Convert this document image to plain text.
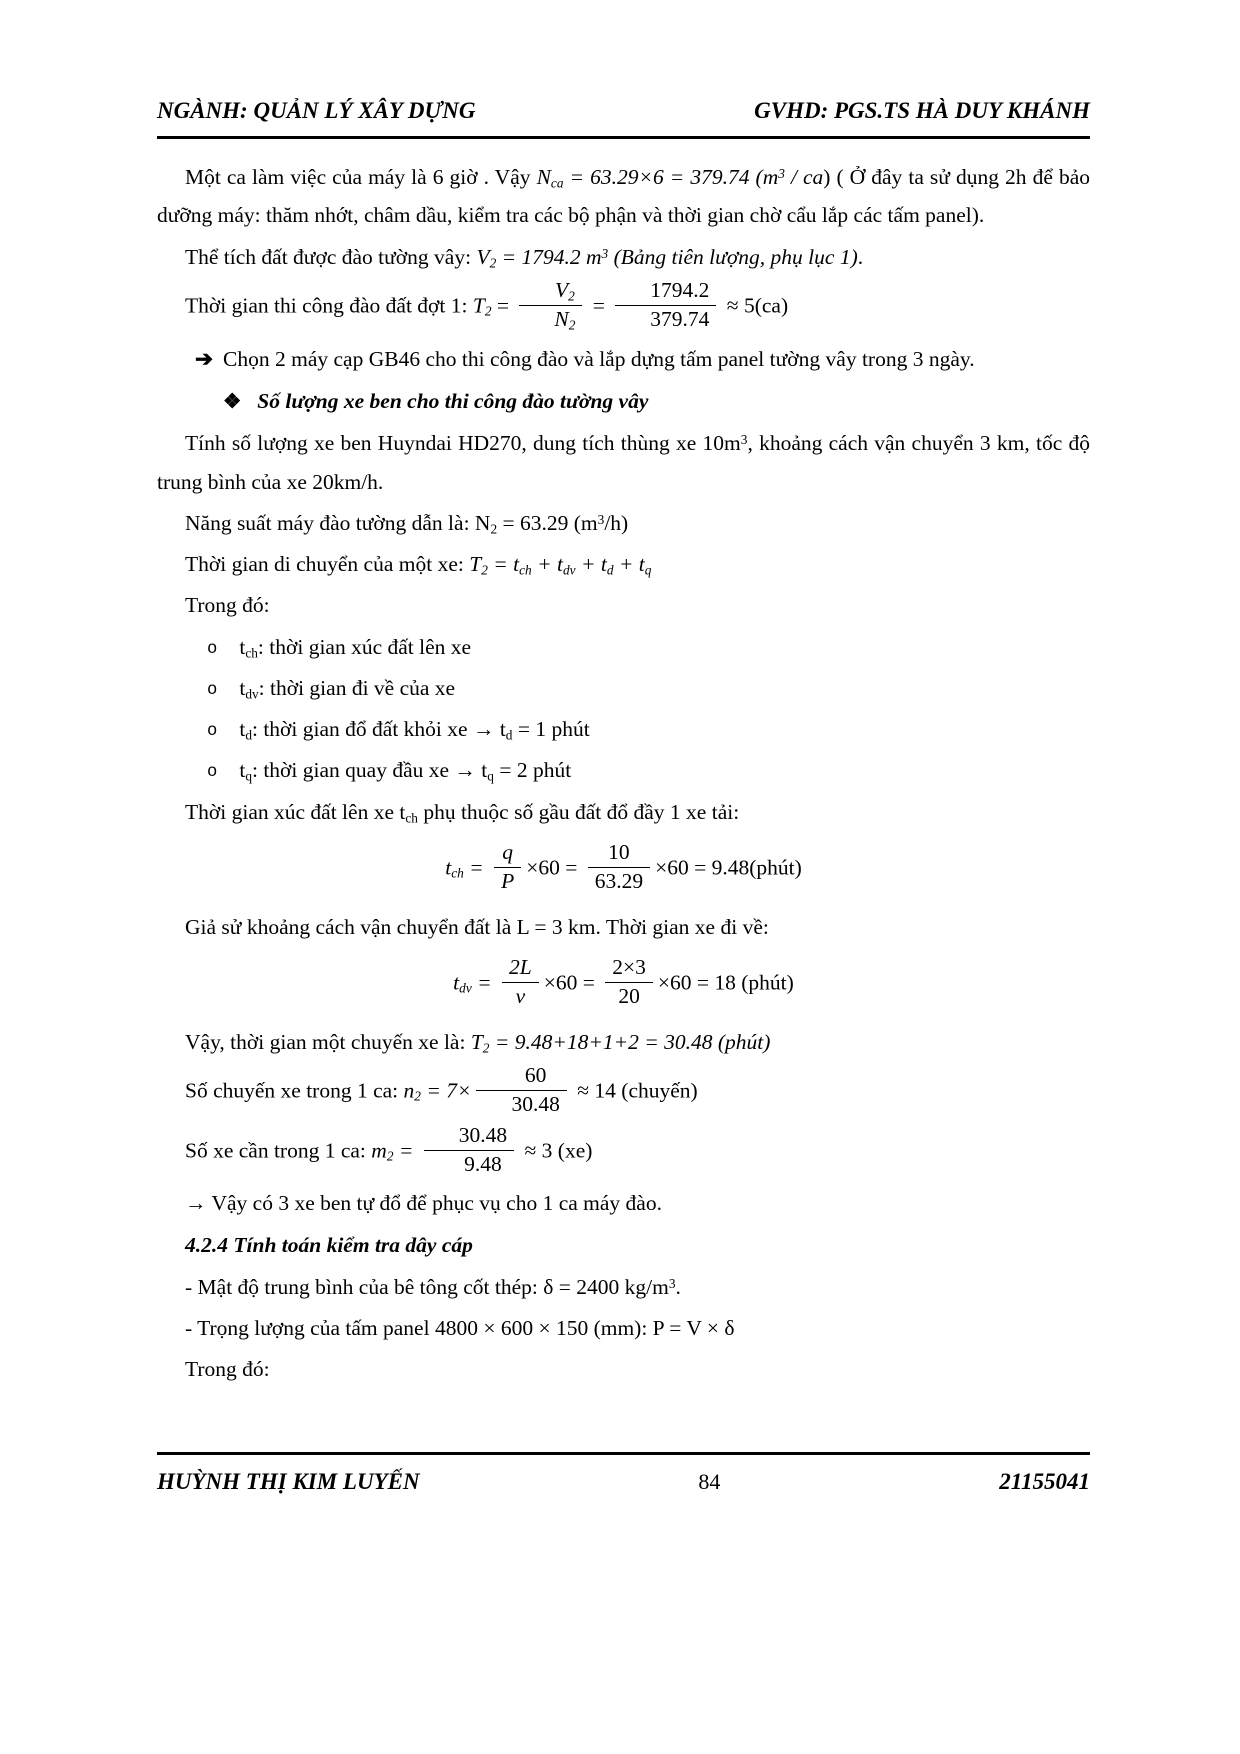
NGÀNH: QUẢN LÝ XÂY DỰNG	GVHD: PGS.TS HÀ DUY KHÁNH
Một ca làm việc của máy là 6 giờ . Vậy $N_{ca} = 63.29\times 6 = 379.74$ $(m^3 / ca)$ ( Ở đây ta sử dụng 2h để bảo dưỡng máy: thăm nhớt, châm dầu, kiểm tra các bộ phận và thời gian chờ cẩu lắp các tấm panel).
Thể tích đất được đào tường vây: $V_2 = 1794.2$ $m^3$ (Bảng tiên lượng, phụ lục 1).
Thời gian thi công đào đất đợt 1: $T_2 = \frac{V_2}{N_2} = \frac{1794.2}{379.74} \approx 5(ca)$
➔ Chọn 2 máy cạp GB46 cho thi công đào và lắp dựng tấm panel tường vây trong 3 ngày.
❖ Số lượng xe ben cho thi công đào tường vây
Tính số lượng xe ben Huyndai HD270, dung tích thùng xe $10m^3$, khoảng cách vận chuyển 3 km, tốc độ trung bình của xe 20km/h.
Năng suất máy đào tường dẫn là: $N_2 = 63.29$ $(m^3/h)$
Thời gian di chuyển của một xe: $T_2 = t_{ch} + t_{dv} + t_d + t_q$
Trong đó:
o $t_{ch}$: thời gian xúc đất lên xe
o $t_{dv}$: thời gian đi về của xe
o $t_d$: thời gian đổ đất khỏi xe → $t_d = 1$ phút
o $t_q$: thời gian quay đầu xe → $t_q = 2$ phút
Thời gian xúc đất lên xe $t_{ch}$ phụ thuộc số gầu đất đổ đầy 1 xe tải:
$t_{ch} = \frac{q}{P} \times 60 = \frac{10}{63.29} \times 60$ = 9.48(phút)
Giả sử khoảng cách vận chuyển đất là L = 3 km. Thời gian xe đi về:
$t_{dv} = \frac{2L}{v} \times 60 = \frac{2\times 3}{20} \times 60 = 18$ (phút)
Vậy, thời gian một chuyến xe là: $T_2 = 9.48+18+1+2 = 30.48$ (phút)
Số chuyến xe trong 1 ca: $n_2 = 7\times \frac{60}{30.48} \approx 14$ (chuyến)
Số xe cần trong 1 ca: $m_2 = \frac{30.48}{9.48} \approx 3$ (xe)
→ Vậy có 3 xe ben tự đổ để phục vụ cho 1 ca máy đào.
4.2.4 Tính toán kiểm tra dây cáp
- Mật độ trung bình của bê tông cốt thép: δ = 2400 $kg/m^3$.
- Trọng lượng của tấm panel 4800 × 600 × 150 (mm): P = V × δ
Trong đó:
HUỲNH THỊ KIM LUYẾN	84	21155041
